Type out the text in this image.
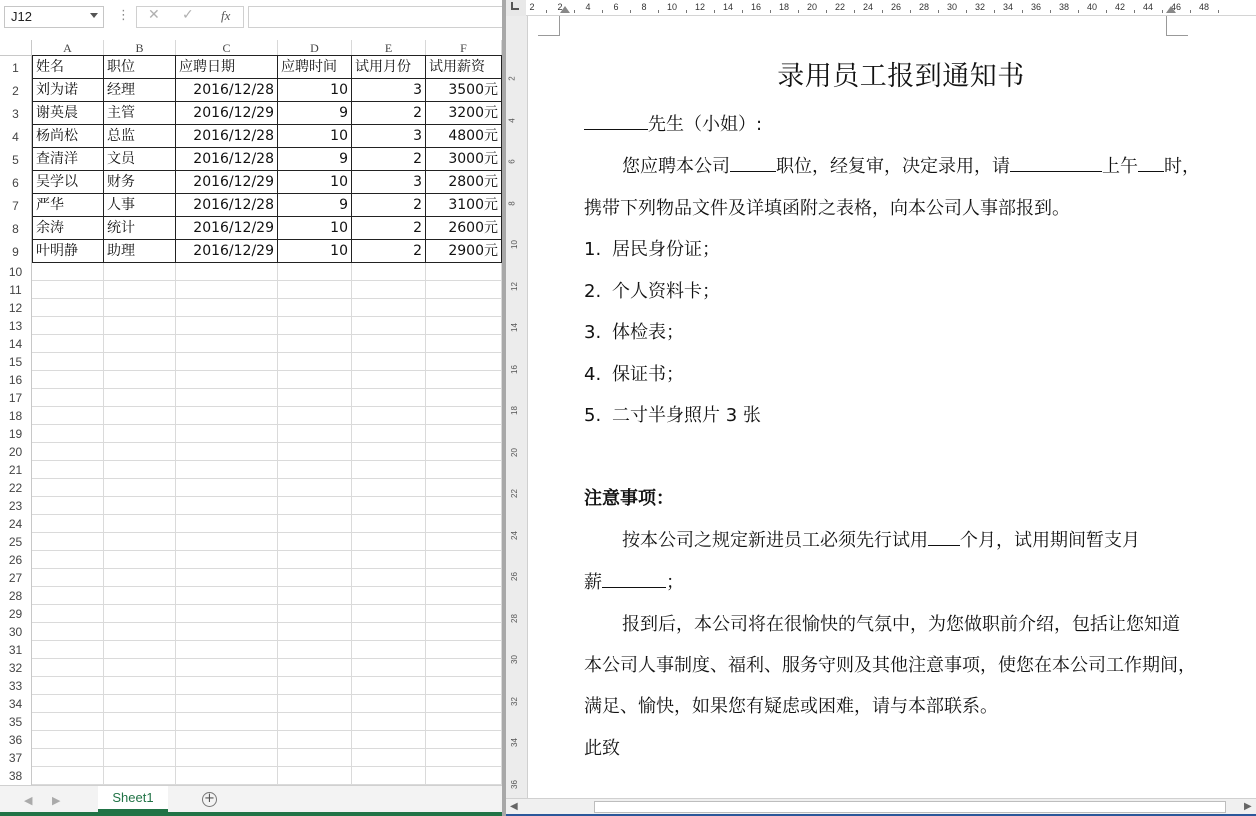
J12	⋮ ✕ ✓ fx
A	B	C	D	E	F
1	姓名	职位	应聘日期	应聘时间	试用月份	试用薪资
2	刘为诺	经理	2016/12/28	10	3	3500元
3	谢英晨	主管	2016/12/29	9	2	3200元
4	杨尚松	总监	2016/12/28	10	3	4800元
5	查清洋	文员	2016/12/28	9	2	3000元
6	吴学以	财务	2016/12/29	10	3	2800元
7	严华	人事	2016/12/28	9	2	3100元
8	余涛	统计	2016/12/29	10	2	2600元
9	叶明静	助理	2016/12/29	10	2	2900元
10
11
12
13
14
15
16
17
18
19
20
21
22
23
24
25
26
27
28
29
30
31
32
33
34
35
36
37
38
◀ ▶	Sheet1	+
2	2	4	6	8 10 12 14 16 18 20 22 24 26 28 30 32 34 36 38 40 42 44 46 48
2
4
6
8
10
12
14
16
18
20
22
24
26
28
30
32
34
36
录用员工报到通知书
先生（小姐）:
您应聘本公司	职位，经复审，决定录用，请	上午 时，
携带下列物品文件及详填函附之表格，向本公司人事部报到。
1. 居民身份证；
2. 个人资料卡；
3. 体检表；
4. 保证书；
5. 二寸半身照片 3 张
注意事项：
按本公司之规定新进员工必须先行试用 个月，试用期间暂支月
薪	；
报到后，本公司将在很愉快的气氛中，为您做职前介绍，包括让您知道
本公司人事制度、福利、服务守则及其他注意事项，使您在本公司工作期间，
满足、愉快，如果您有疑虑或困难，请与本部联系。
此致
◀	▶
